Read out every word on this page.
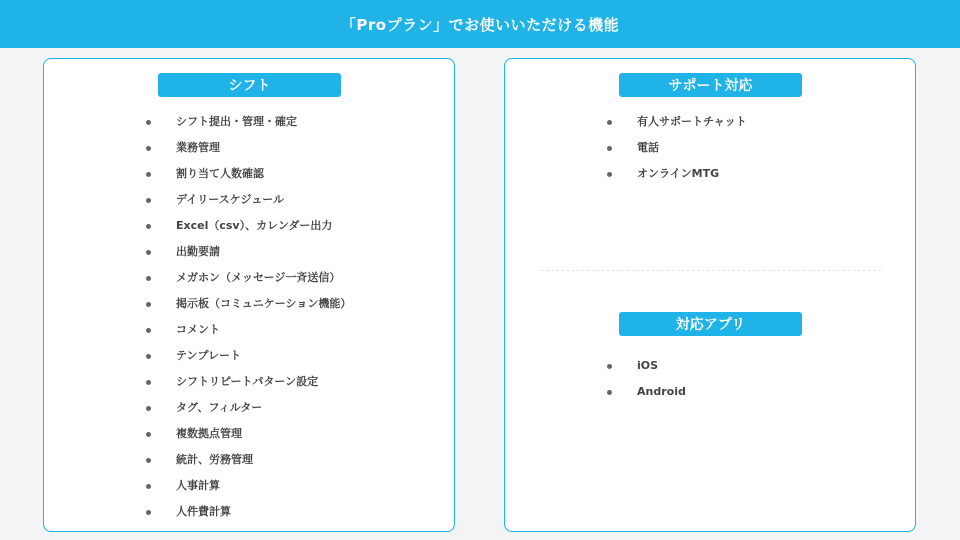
「Proプラン」でお使いいただける機能
シフト
シフト提出・管理・確定
業務管理
割り当て人数確認
デイリースケジュール
Excel（csv）、カレンダー出力
出勤要請
メガホン（メッセージ一斉送信）
掲示板（コミュニケーション機能）
コメント
テンプレート
シフトリピートパターン設定
タグ、フィルター
複数拠点管理
統計、労務管理
人事計算
人件費計算
サポート対応
有人サポートチャット
電話
オンラインMTG
対応アプリ
iOS
Android
